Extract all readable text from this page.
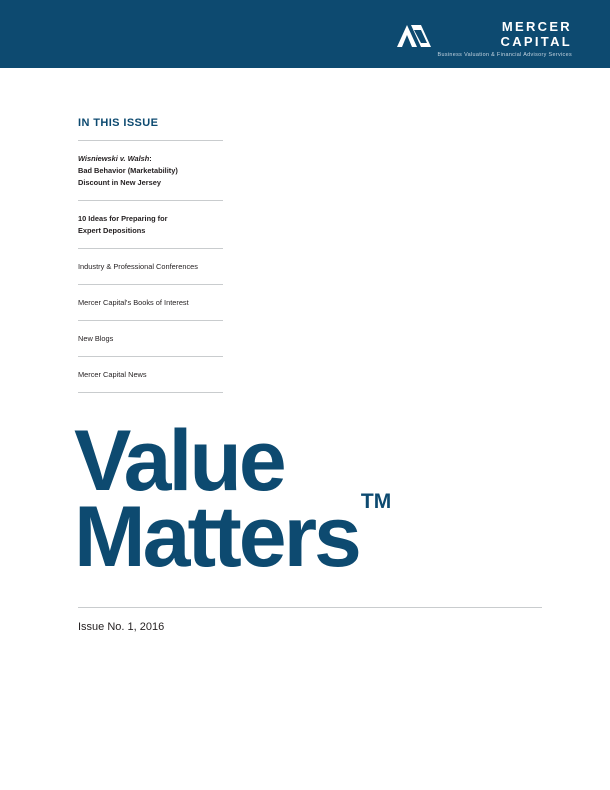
MERCER
CAPITAL
Business Valuation & Financial Advisory Services
IN THIS ISSUE
Wisniewski v. Walsh:
Bad Behavior (Marketability)
Discount in New Jersey
10 Ideas for Preparing for
Expert Depositions
Industry & Professional Conferences
Mercer Capital's Books of Interest
New Blogs
Mercer Capital News
Value
Matters™
Issue No. 1, 2016
